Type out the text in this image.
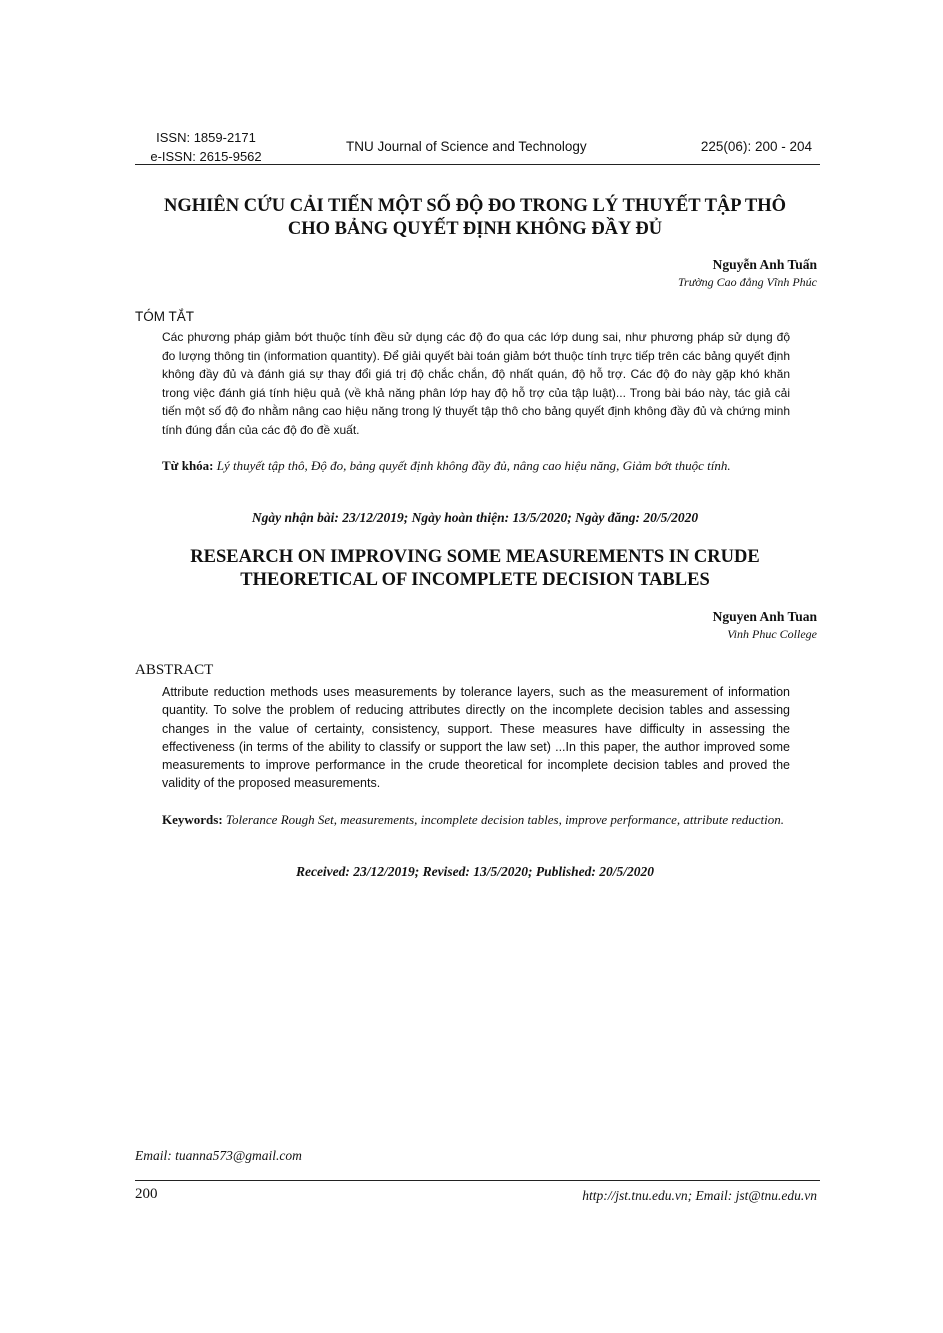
ISSN: 1859-2171
e-ISSN: 2615-9562
TNU Journal of Science and Technology	225(06): 200 - 204
NGHIÊN CỨU CẢI TIẾN MỘT SỐ ĐỘ ĐO TRONG LÝ THUYẾT TẬP THÔ
CHO BẢNG QUYẾT ĐỊNH KHÔNG ĐẦY ĐỦ
Nguyễn Anh Tuấn
Trường Cao đẳng Vĩnh Phúc
TÓM TẮT
Các phương pháp giảm bớt thuộc tính đều sử dụng các độ đo qua các lớp dung sai, như phương pháp sử dụng độ đo lượng thông tin (information quantity). Để giải quyết bài toán giảm bớt thuộc tính trực tiếp trên các bảng quyết định không đầy đủ và đánh giá sự thay đổi giá trị độ chắc chắn, độ nhất quán, độ hỗ trợ. Các độ đo này gặp khó khăn trong việc đánh giá tính hiệu quả (về khả năng phân lớp hay độ hỗ trợ của tập luật)... Trong bài báo này, tác giả cải tiến một số độ đo nhằm nâng cao hiệu năng trong lý thuyết tập thô cho bảng quyết định không đầy đủ và chứng minh tính đúng đắn của các độ đo đề xuất.
Từ khóa: Lý thuyết tập thô, Độ đo, bảng quyết định không đầy đủ, nâng cao hiệu năng, Giảm bớt thuộc tính.
Ngày nhận bài: 23/12/2019; Ngày hoàn thiện: 13/5/2020; Ngày đăng: 20/5/2020
RESEARCH ON IMPROVING SOME MEASUREMENTS IN CRUDE
THEORETICAL OF INCOMPLETE DECISION TABLES
Nguyen Anh Tuan
Vinh Phuc College
ABSTRACT
Attribute reduction methods uses measurements by tolerance layers, such as the measurement of information quantity. To solve the problem of reducing attributes directly on the incomplete decision tables and assessing changes in the value of certainty, consistency, support. These measures have difficulty in assessing the effectiveness (in terms of the ability to classify or support the law set) ...In this paper, the author improved some measurements to improve performance in the crude theoretical for incomplete decision tables and proved the validity of the proposed measurements.
Keywords: Tolerance Rough Set, measurements, incomplete decision tables, improve performance, attribute reduction.
Received: 23/12/2019; Revised: 13/5/2020; Published: 20/5/2020
Email: tuanna573@gmail.com
200	http://jst.tnu.edu.vn; Email: jst@tnu.edu.vn
